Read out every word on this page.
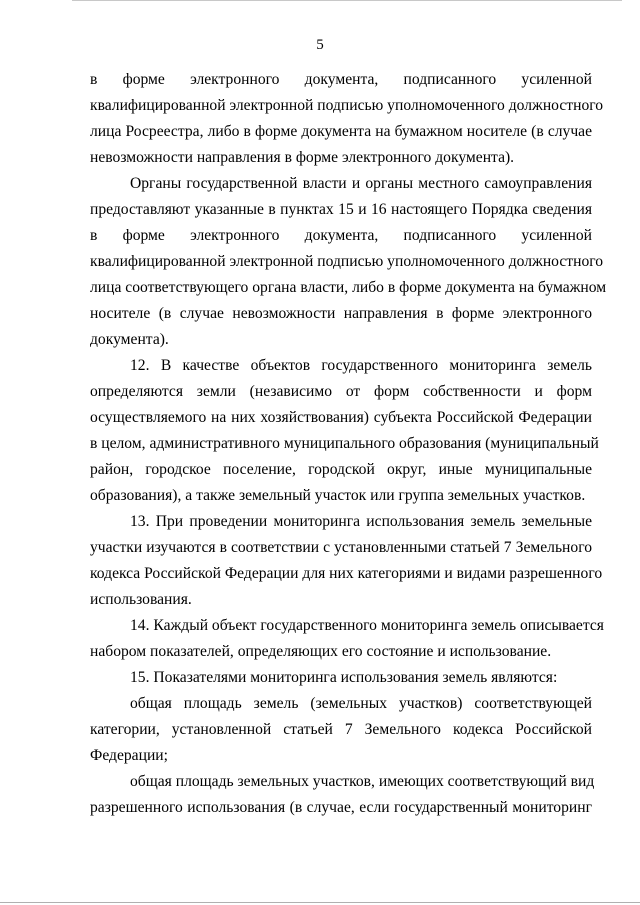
5
в форме электронного документа, подписанного усиленной
квалифицированной электронной подписью уполномоченного должностного
лица Росреестра, либо в форме документа на бумажном носителе (в случае
невозможности направления в форме электронного документа).
Органы государственной власти и органы местного самоуправления
предоставляют указанные в пунктах 15 и 16 настоящего Порядка сведения
в форме электронного документа, подписанного усиленной
квалифицированной электронной подписью уполномоченного должностного
лица соответствующего органа власти, либо в форме документа на бумажном
носителе (в случае невозможности направления в форме электронного
документа).
12. В качестве объектов государственного мониторинга земель
определяются земли (независимо от форм собственности и форм
осуществляемого на них хозяйствования) субъекта Российской Федерации
в целом, административного муниципального образования (муниципальный
район, городское поселение, городской округ, иные муниципальные
образования), а также земельный участок или группа земельных участков.
13. При проведении мониторинга использования земель земельные
участки изучаются в соответствии с установленными статьей 7 Земельного
кодекса Российской Федерации для них категориями и видами разрешенного
использования.
14. Каждый объект государственного мониторинга земель описывается
набором показателей, определяющих его состояние и использование.
15. Показателями мониторинга использования земель являются:
общая площадь земель (земельных участков) соответствующей
категории, установленной статьей 7 Земельного кодекса Российской
Федерации;
общая площадь земельных участков, имеющих соответствующий вид
разрешенного использования (в случае, если государственный мониторинг
